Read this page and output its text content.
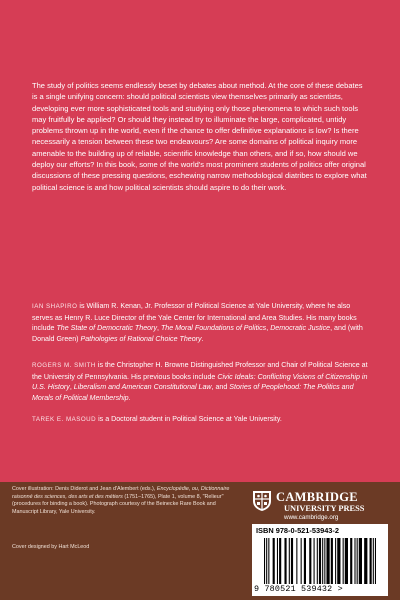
The study of politics seems endlessly beset by debates about method. At the core of these debates is a single unifying concern: should political scientists view themselves primarily as scientists, developing ever more sophisticated tools and studying only those phenomena to which such tools may fruitfully be applied? Or should they instead try to illuminate the large, complicated, untidy problems thrown up in the world, even if the chance to offer definitive explanations is low? Is there necessarily a tension between these two endeavours? Are some domains of political inquiry more amenable to the building up of reliable, scientific knowledge than others, and if so, how should we deploy our efforts? In this book, some of the world's most prominent students of politics offer original discussions of these pressing questions, eschewing narrow methodological diatribes to explore what political science is and how political scientists should aspire to do their work.

IAN SHAPIRO is William R. Kenan, Jr. Professor of Political Science at Yale University, where he also serves as Henry R. Luce Director of the Yale Center for International and Area Studies. His many books include The State of Democratic Theory, The Moral Foundations of Politics, Democratic Justice, and (with Donald Green) Pathologies of Rational Choice Theory.

ROGERS M. SMITH is the Christopher H. Browne Distinguished Professor and Chair of Political Science at the University of Pennsylvania. His previous books include Civic Ideals: Conflicting Visions of Citizenship in U.S. History, Liberalism and American Constitutional Law, and Stories of Peoplehood: The Politics and Morals of Political Membership.

TAREK E. MASOUD is a Doctoral student in Political Science at Yale University.

Cover illustration: Denis Diderot and Jean d'Alembert (eds.), Encyclopédie, ou, Dictionnaire raisonné des sciences, des arts et des métiers (1751–1765), Plate 1, volume 8, "Relieur" (procedures for binding a book). Photograph courtesy of the Beinecke Rare Book and Manuscript Library, Yale University.

Cover designed by Hart McLeod
CAMBRIDGE
UNIVERSITY PRESS
www.cambridge.org
ISBN 978-0-521-53943-2
9 780521 539432 >
